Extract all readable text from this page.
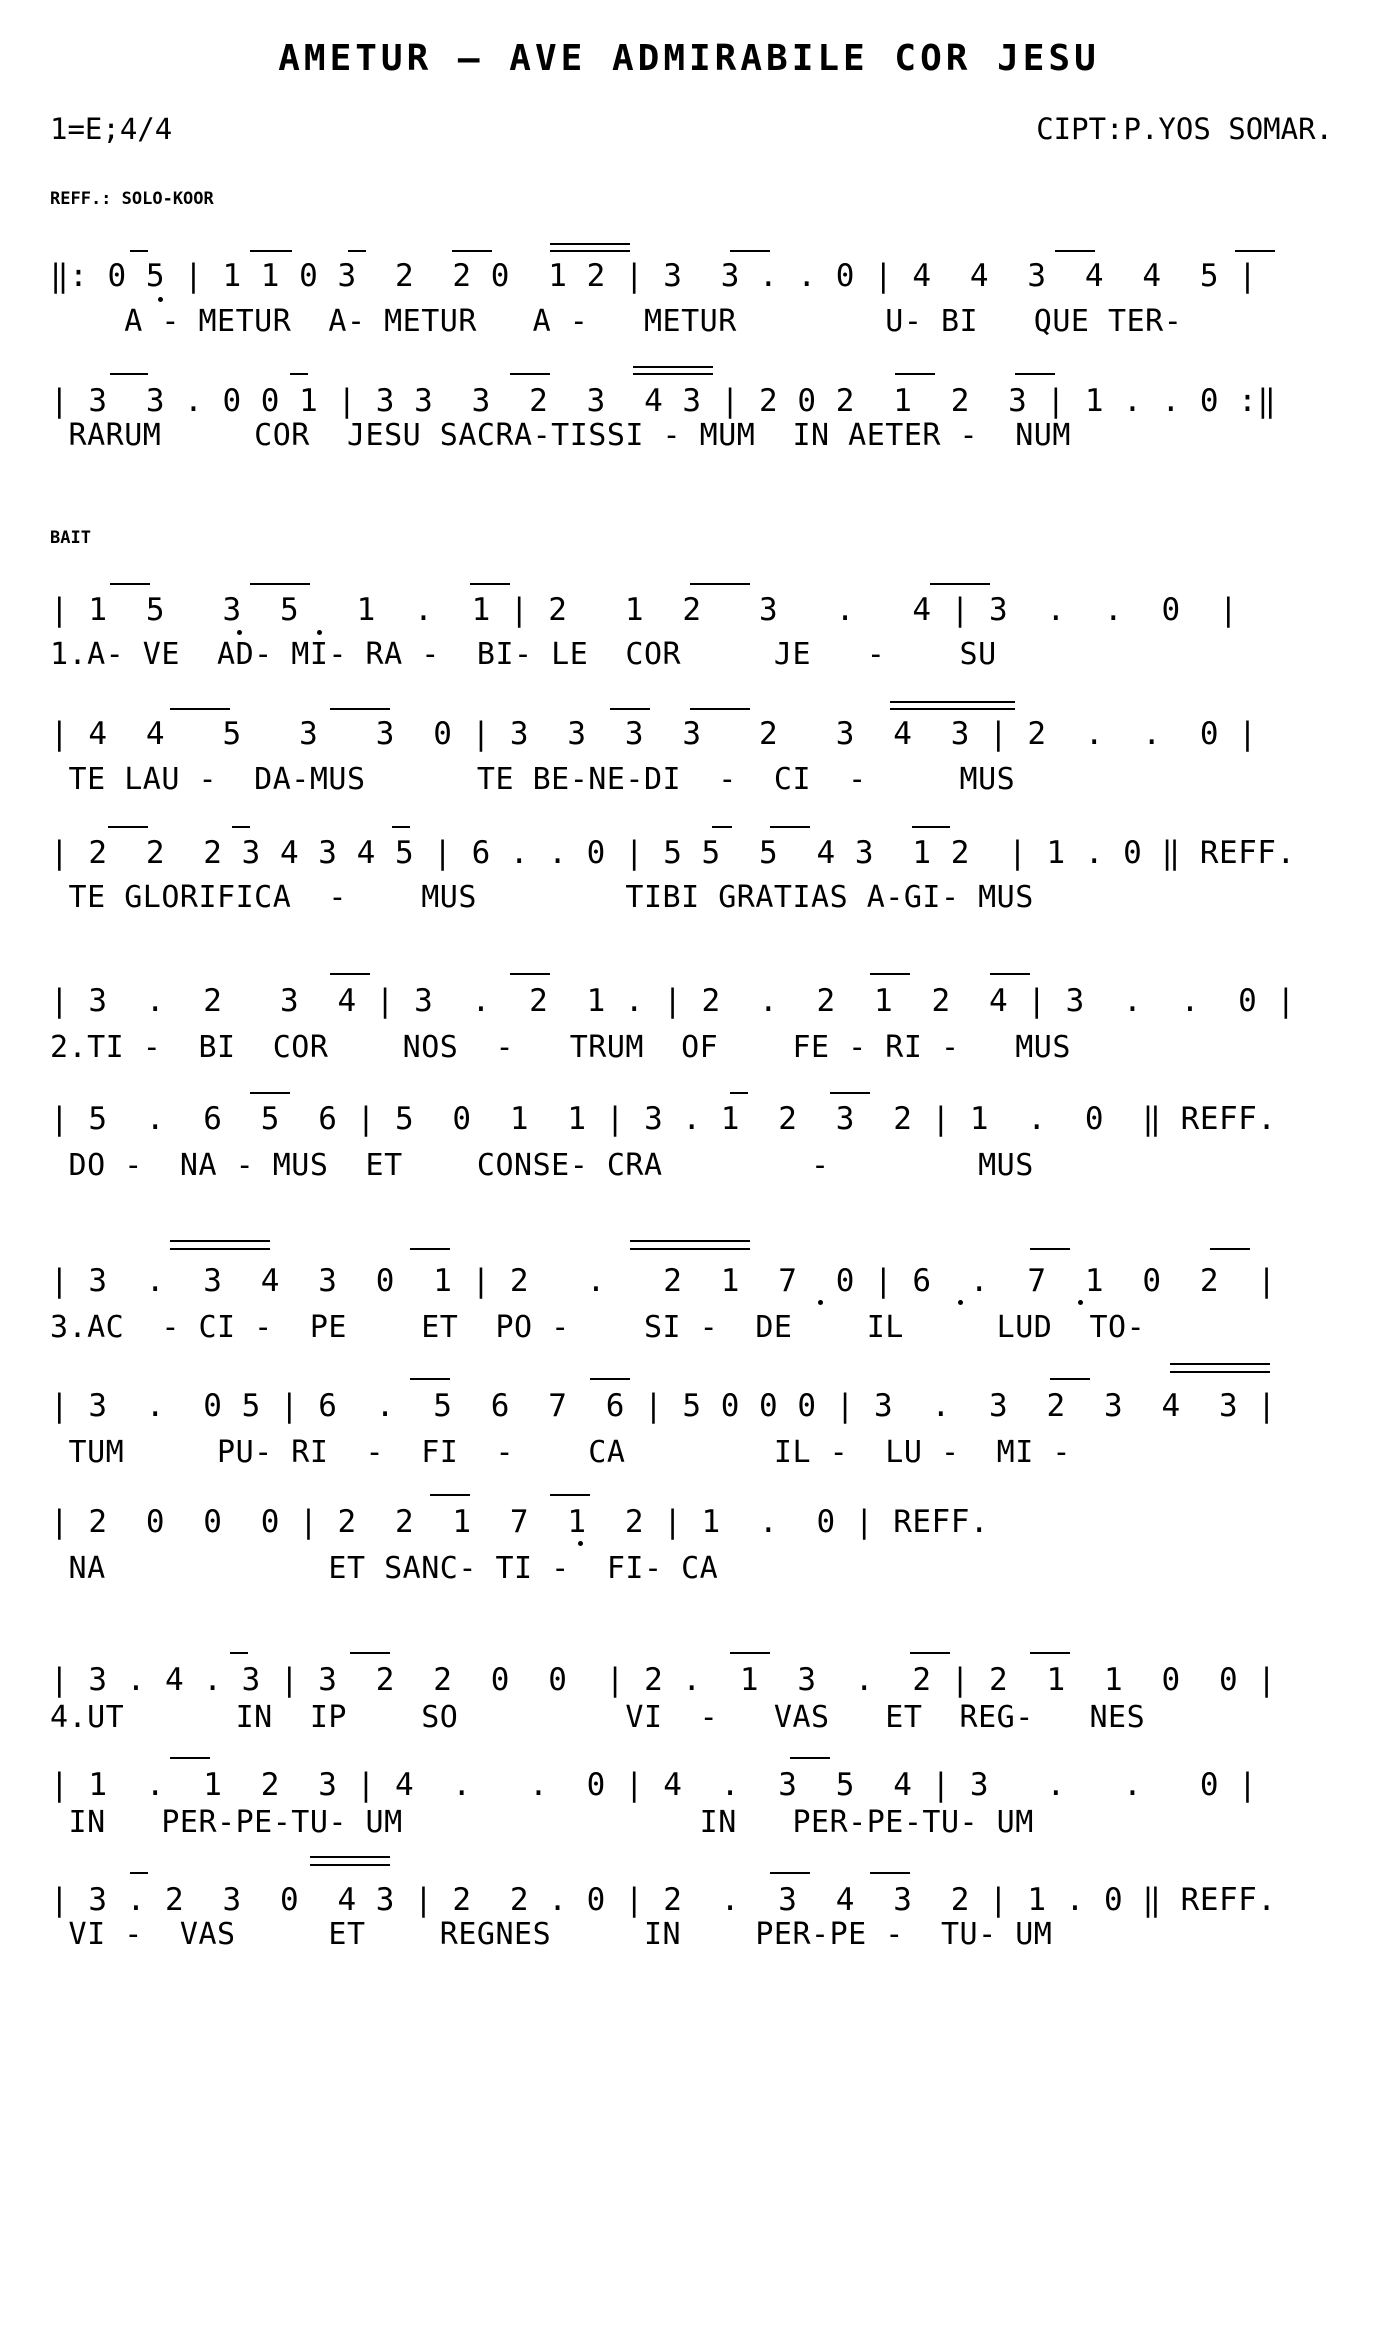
AMETUR – AVE ADMIRABILE COR JESU
1=E;4/4	CIPT:P.YOS SOMAR.
REFF.: SOLO-KOOR
‖: 0 5 | 1 1 0 3  2  2 0  1 2 | 3  3 . . 0 | 4  4  3  4  4  5 |
A - METUR  A- METUR   A -   METUR        U- BI   QUE TER-
| 3  3 . 0 0 1 | 3 3  3  2  3  4 3 | 2 0 2  1  2  3 | 1 . . 0 :‖
RARUM     COR  JESU SACRA-TISSI - MUM  IN AETER -  NUM
BAIT
| 1  5   3  5   1  .  1 | 2   1  2   3   .   4 | 3  .  .  0  |
1.A- VE  AD- MI- RA -  BI- LE  COR     JE   -    SU
| 4  4   5   3   3  0 | 3  3  3  3   2   3  4  3 | 2  .  .  0 |
TE LAU -  DA-MUS      TE BE-NE-DI  -  CI  -     MUS
| 2  2  2 3 4 3 4 5 | 6 . . 0 | 5 5  5  4 3  1 2  | 1 . 0 ‖ REFF.
TE GLORIFICA  -    MUS        TIBI GRATIAS A-GI- MUS
| 3  .  2   3  4 | 3  .  2  1 . | 2  .  2  1  2  4 | 3  .  .  0 |
2.TI -  BI  COR    NOS  -   TRUM  OF    FE - RI -   MUS
| 5  .  6  5  6 | 5  0  1  1 | 3 . 1  2  3  2 | 1  .  0  ‖ REFF.
DO -  NA - MUS  ET    CONSE- CRA        -        MUS
| 3  .  3  4  3  0  1 | 2   .   2  1  7  0 | 6  .  7  1  0  2  |
3.AC  - CI -  PE    ET  PO -    SI -  DE    IL     LUD  TO-
| 3  .  0 5 | 6  .  5  6  7  6 | 5 0 0 0 | 3  .  3  2  3  4  3 |
TUM     PU- RI  -  FI  -    CA        IL -  LU -  MI -
| 2  0  0  0 | 2  2  1  7  1  2 | 1  .  0 | REFF.
NA            ET SANC- TI -  FI- CA
| 3 . 4 . 3 | 3  2  2  0  0  | 2 .  1  3  .  2 | 2  1  1  0  0 |
4.UT      IN  IP    SO         VI  -   VAS   ET  REG-   NES
| 1  .  1  2  3 | 4  .   .  0 | 4  .  3  5  4 | 3   .   .   0 |
IN   PER-PE-TU- UM                IN   PER-PE-TU- UM
| 3 . 2  3  0  4 3 | 2  2 . 0 | 2  .  3  4  3  2 | 1 . 0 ‖ REFF.
VI -  VAS     ET    REGNES     IN    PER-PE -  TU- UM
